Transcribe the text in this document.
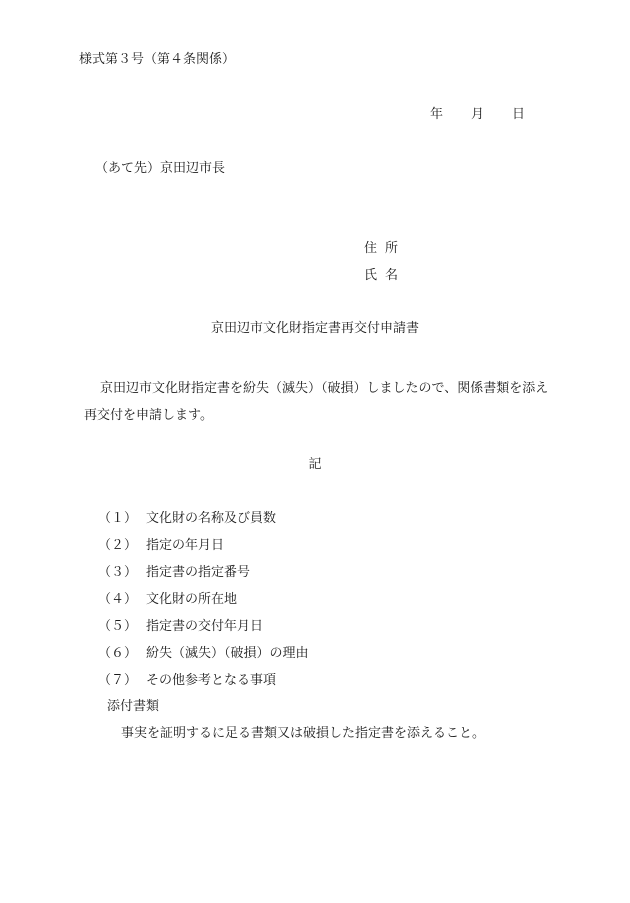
様式第３号（第４条関係）
年 月 日
（あて先）京田辺市長
住所
氏名
京田辺市文化財指定書再交付申請書
京田辺市文化財指定書を紛失（滅失）（破損）しましたので、関係書類を添え再交付を申請します。
記
（１） 文化財の名称及び員数
（２） 指定の年月日
（３） 指定書の指定番号
（４） 文化財の所在地
（５） 指定書の交付年月日
（６） 紛失（滅失）（破損）の理由
（７） その他参考となる事項
添付書類
事実を証明するに足る書類又は破損した指定書を添えること。
